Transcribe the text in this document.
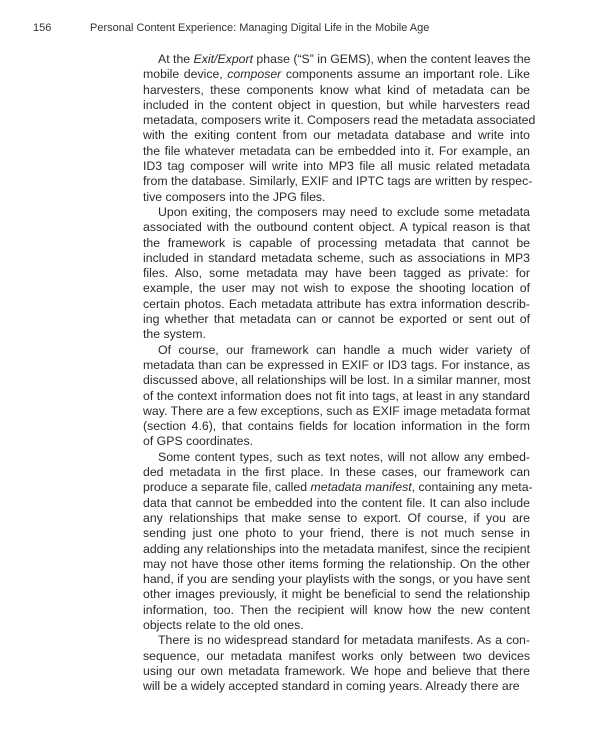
156	Personal Content Experience: Managing Digital Life in the Mobile Age
At the Exit/Export phase (“S” in GEMS), when the content leaves the
mobile device, composer components assume an important role. Like
harvesters, these components know what kind of metadata can be
included in the content object in question, but while harvesters read
metadata, composers write it. Composers read the metadata associated
with the exiting content from our metadata database and write into
the file whatever metadata can be embedded into it. For example, an
ID3 tag composer will write into MP3 file all music related metadata
from the database. Similarly, EXIF and IPTC tags are written by respec-
tive composers into the JPG files.
Upon exiting, the composers may need to exclude some metadata
associated with the outbound content object. A typical reason is that
the framework is capable of processing metadata that cannot be
included in standard metadata scheme, such as associations in MP3
files. Also, some metadata may have been tagged as private: for
example, the user may not wish to expose the shooting location of
certain photos. Each metadata attribute has extra information describ-
ing whether that metadata can or cannot be exported or sent out of
the system.
Of course, our framework can handle a much wider variety of
metadata than can be expressed in EXIF or ID3 tags. For instance, as
discussed above, all relationships will be lost. In a similar manner, most
of the context information does not fit into tags, at least in any standard
way. There are a few exceptions, such as EXIF image metadata format
(section 4.6), that contains fields for location information in the form
of GPS coordinates.
Some content types, such as text notes, will not allow any embed-
ded metadata in the first place. In these cases, our framework can
produce a separate file, called metadata manifest, containing any meta-
data that cannot be embedded into the content file. It can also include
any relationships that make sense to export. Of course, if you are
sending just one photo to your friend, there is not much sense in
adding any relationships into the metadata manifest, since the recipient
may not have those other items forming the relationship. On the other
hand, if you are sending your playlists with the songs, or you have sent
other images previously, it might be beneficial to send the relationship
information, too. Then the recipient will know how the new content
objects relate to the old ones.
There is no widespread standard for metadata manifests. As a con-
sequence, our metadata manifest works only between two devices
using our own metadata framework. We hope and believe that there
will be a widely accepted standard in coming years. Already there are
